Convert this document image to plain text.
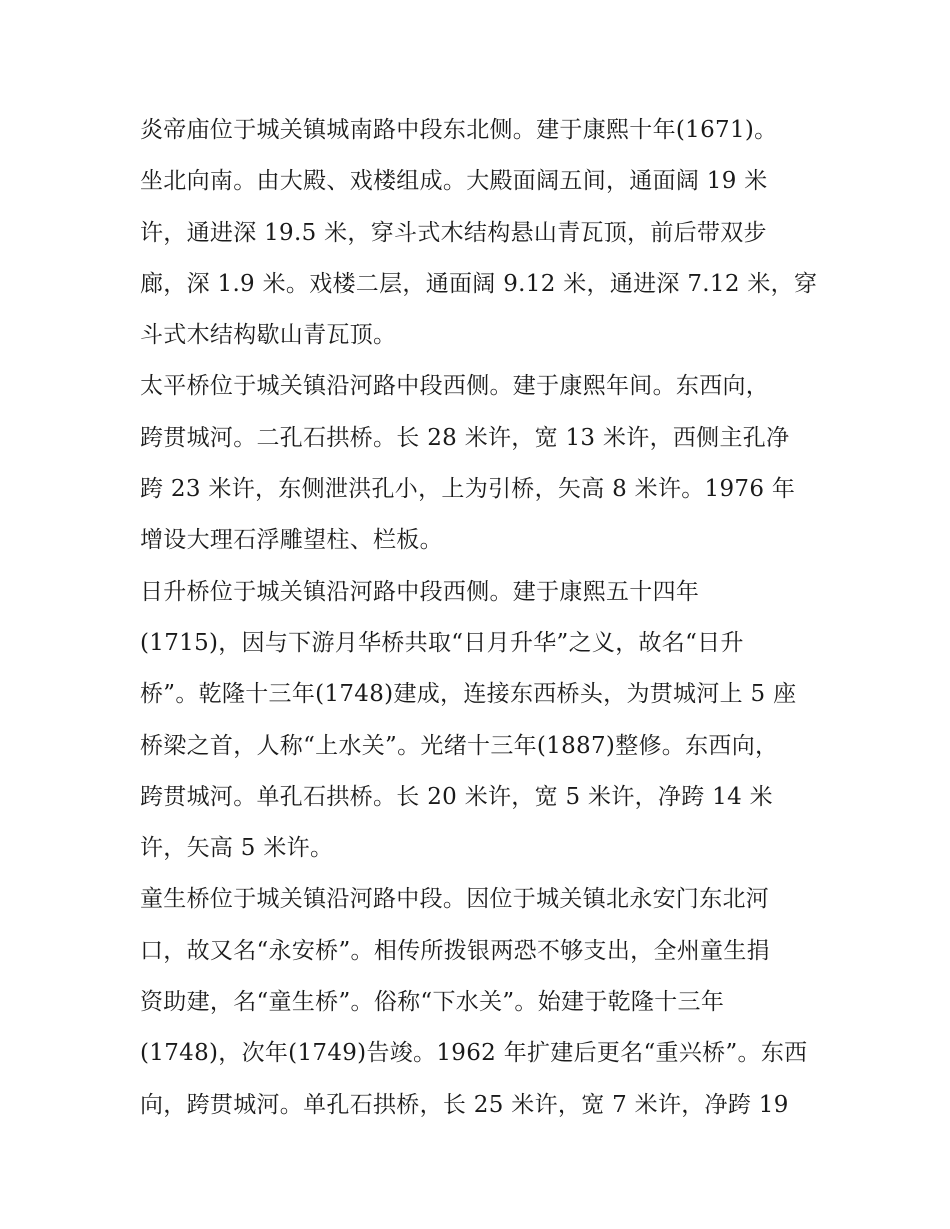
炎帝庙位于城关镇城南路中段东北侧。建于康熙十年(1671)。
坐北向南。由大殿、戏楼组成。大殿面阔五间，通面阔 19 米
许，通进深 19.5 米，穿斗式木结构悬山青瓦顶，前后带双步
廊，深 1.9 米。戏楼二层，通面阔 9.12 米，通进深 7.12 米，穿
斗式木结构歇山青瓦顶。
太平桥位于城关镇沿河路中段西侧。建于康熙年间。东西向，
跨贯城河。二孔石拱桥。长 28 米许，宽 13 米许，西侧主孔净
跨 23 米许，东侧泄洪孔小，上为引桥，矢高 8 米许。1976 年
增设大理石浮雕望柱、栏板。
日升桥位于城关镇沿河路中段西侧。建于康熙五十四年
(1715)，因与下游月华桥共取“日月升华”之义，故名“日升
桥”。乾隆十三年(1748)建成，连接东西桥头，为贯城河上 5 座
桥梁之首，人称“上水关”。光绪十三年(1887)整修。东西向，
跨贯城河。单孔石拱桥。长 20 米许，宽 5 米许，净跨 14 米
许，矢高 5 米许。
童生桥位于城关镇沿河路中段。因位于城关镇北永安门东北河
口，故又名“永安桥”。相传所拨银两恐不够支出，全州童生捐
资助建，名“童生桥”。俗称“下水关”。始建于乾隆十三年
(1748)，次年(1749)告竣。1962 年扩建后更名“重兴桥”。东西
向，跨贯城河。单孔石拱桥，长 25 米许，宽 7 米许，净跨 19
